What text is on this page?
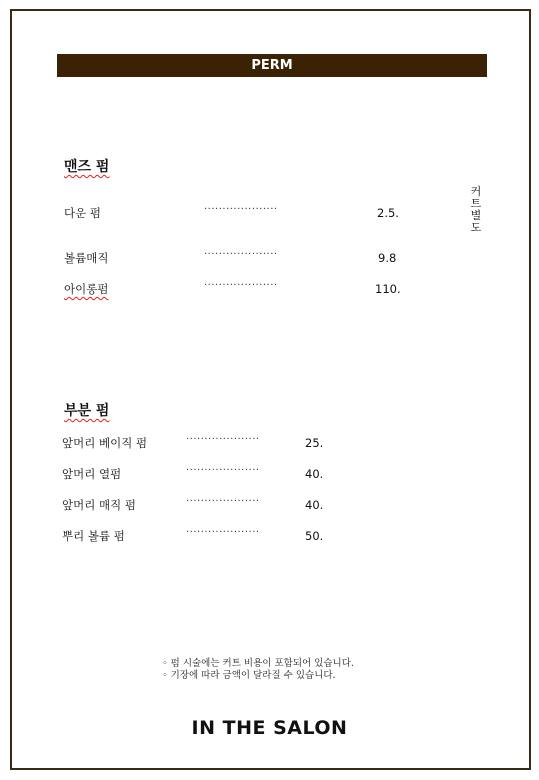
PERM
맨즈 펌
다운 펌	····················	2.5.
볼륨매직	····················	9.8
아이롱펌	····················	110.
커트별도
부분 펌
앞머리 베이직 펌	····················	25.
앞머리 열펌	····················	40.
앞머리 매직 펌	····················	40.
뿌리 볼륨 펌	····················	50.
◦ 펌 시술에는 커트 비용이 포함되어 있습니다.
◦ 기장에 따라 금액이 달라질 수 있습니다.
IN THE SALON
